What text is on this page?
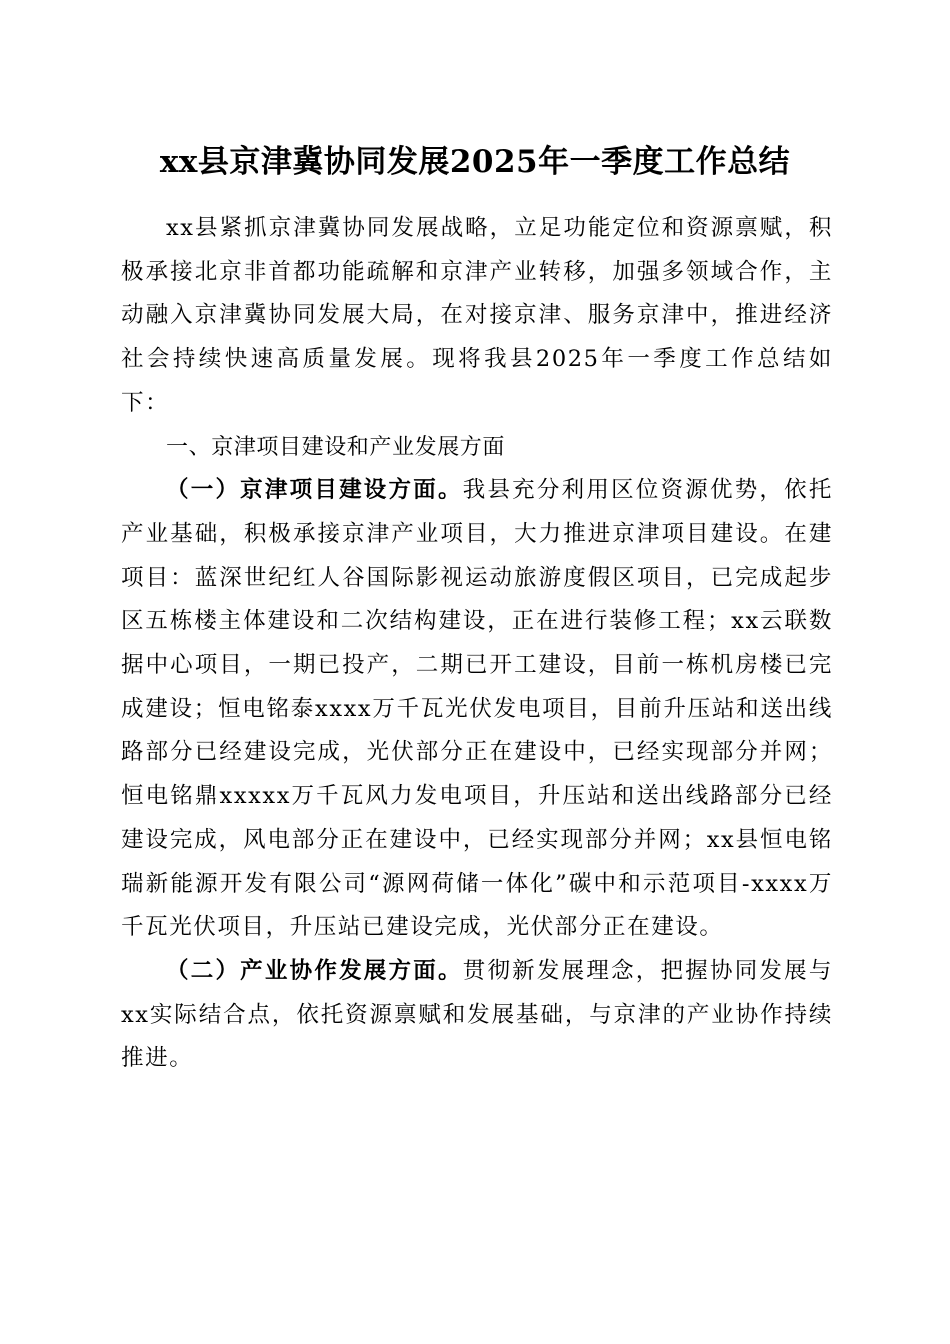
xx县京津冀协同发展2025年一季度工作总结

xx县紧抓京津冀协同发展战略，立足功能定位和资源禀赋，积极承接北京非首都功能疏解和京津产业转移，加强多领域合作，主动融入京津冀协同发展大局，在对接京津、服务京津中，推进经济社会持续快速高质量发展。现将我县2025年一季度工作总结如下：

一、京津项目建设和产业发展方面

（一）京津项目建设方面。我县充分利用区位资源优势，依托产业基础，积极承接京津产业项目，大力推进京津项目建设。在建项目：蓝深世纪红人谷国际影视运动旅游度假区项目，已完成起步区五栋楼主体建设和二次结构建设，正在进行装修工程；xx云联数据中心项目，一期已投产，二期已开工建设，目前一栋机房楼已完成建设；恒电铭泰xxxx万千瓦光伏发电项目，目前升压站和送出线路部分已经建设完成，光伏部分正在建设中，已经实现部分并网；恒电铭鼎xxxxx万千瓦风力发电项目，升压站和送出线路部分已经建设完成，风电部分正在建设中，已经实现部分并网；xx县恒电铭瑞新能源开发有限公司“源网荷储一体化”碳中和示范项目-xxxx万千瓦光伏项目，升压站已建设完成，光伏部分正在建设。

（二）产业协作发展方面。贯彻新发展理念，把握协同发展与xx实际结合点，依托资源禀赋和发展基础，与京津的产业协作持续推进。
